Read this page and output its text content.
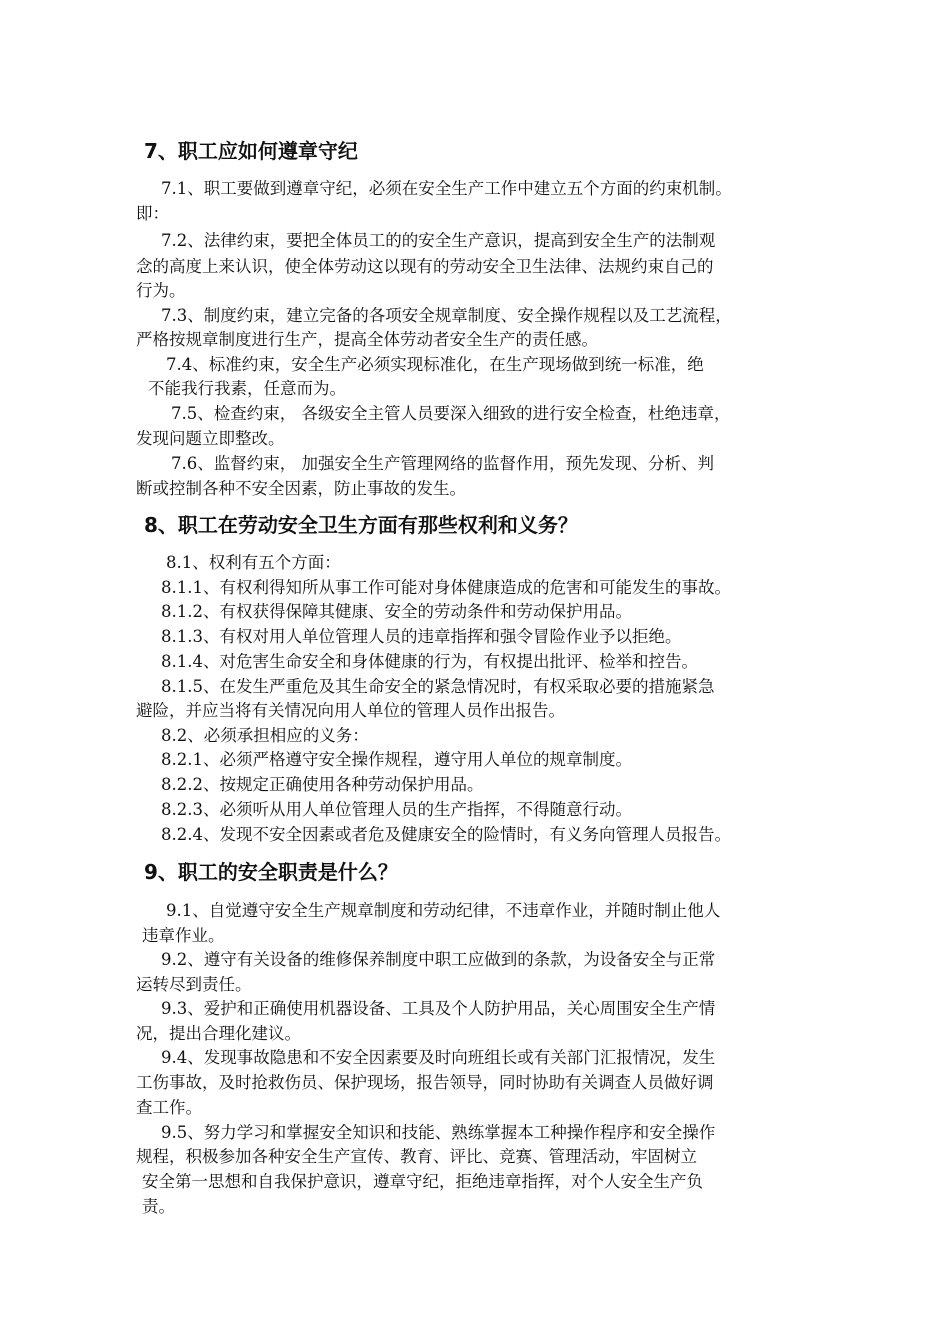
7、职工应如何遵章守纪

7.1、职工要做到遵章守纪，必须在安全生产工作中建立五个方面的约束机制。

即：

7.2、法律约束，要把全体员工的的安全生产意识，提高到安全生产的法制观

念的高度上来认识，使全体劳动这以现有的劳动安全卫生法律、法规约束自己的

行为。

7.3、制度约束，建立完备的各项安全规章制度、安全操作规程以及工艺流程，

严格按规章制度进行生产，提高全体劳动者安全生产的责任感。

7.4、标准约束，安全生产必须实现标准化，在生产现场做到统一标准，绝

不能我行我素，任意而为。

7.5、检查约束， 各级安全主管人员要深入细致的进行安全检查，杜绝违章，

发现问题立即整改。

7.6、监督约束， 加强安全生产管理网络的监督作用，预先发现、分析、判

断或控制各种不安全因素，防止事故的发生。

8、职工在劳动安全卫生方面有那些权利和义务？

8.1、权利有五个方面：

8.1.1、有权利得知所从事工作可能对身体健康造成的危害和可能发生的事故。

8.1.2、有权获得保障其健康、安全的劳动条件和劳动保护用品。

8.1.3、有权对用人单位管理人员的违章指挥和强令冒险作业予以拒绝。

8.1.4、对危害生命安全和身体健康的行为，有权提出批评、检举和控告。

8.1.5、在发生严重危及其生命安全的紧急情况时，有权采取必要的措施紧急

避险，并应当将有关情况向用人单位的管理人员作出报告。

8.2、必须承担相应的义务：

8.2.1、必须严格遵守安全操作规程，遵守用人单位的规章制度。

8.2.2、按规定正确使用各种劳动保护用品。

8.2.3、必须听从用人单位管理人员的生产指挥，不得随意行动。

8.2.4、发现不安全因素或者危及健康安全的险情时，有义务向管理人员报告。

9、职工的安全职责是什么？

9.1、自觉遵守安全生产规章制度和劳动纪律，不违章作业，并随时制止他人

违章作业。

9.2、遵守有关设备的维修保养制度中职工应做到的条款，为设备安全与正常

运转尽到责任。

9.3、爱护和正确使用机器设备、工具及个人防护用品，关心周围安全生产情

况，提出合理化建议。

9.4、发现事故隐患和不安全因素要及时向班组长或有关部门汇报情况，发生

工伤事故，及时抢救伤员、保护现场，报告领导，同时协助有关调查人员做好调

查工作。

9.5、努力学习和掌握安全知识和技能、熟练掌握本工种操作程序和安全操作

规程，积极参加各种安全生产宣传、教育、评比、竞赛、管理活动，牢固树立

安全第一思想和自我保护意识，遵章守纪，拒绝违章指挥，对个人安全生产负

责。
